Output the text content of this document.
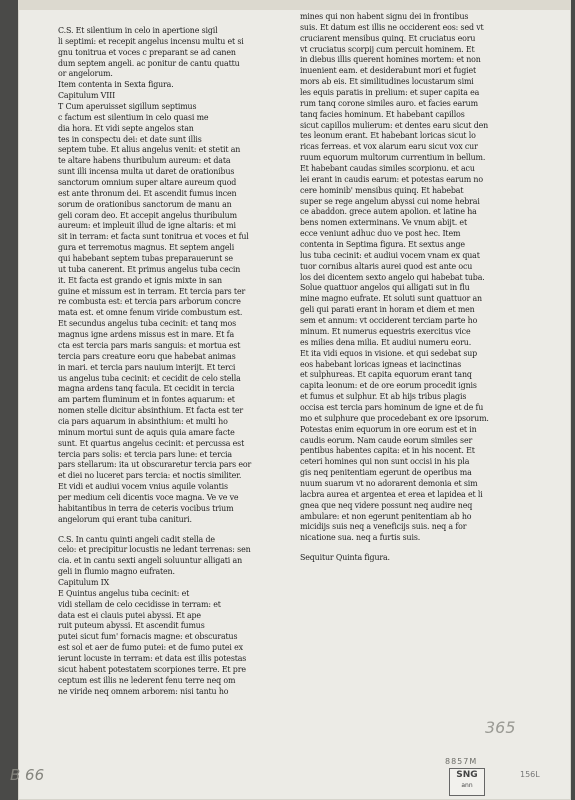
C.S. Et silentium in celo in apertione sigil
li septimi: et recepit angelus incensu multu et si
gnu tonitrua et voces c preparant se ad canen
dum septem angeli. ac ponitur de cantu quattu
or angelorum.
Item contenta in Sexta figura.
Capitulum VIII
T Cum aperuisset sigillum septimus
c factum est silentium in celo quasi me
dia hora. Et vidi septe angelos stan
tes in conspectu dei: et date sunt illis
septem tube. Et alius angelus venit: et stetit an
te altare habens thuribulum aureum: et data
sunt illi incensa multa ut daret de orationibus
sanctorum omnium super altare aureum quod
est ante thronum dei. Et ascendit fumus incen
sorum de orationibus sanctorum de manu an
geli coram deo. Et accepit angelus thuribulum
aureum: et impleuit illud de igne altaris: et mi
sit in terram: et facta sunt tonitrua et voces et ful
gura et terremotus magnus. Et septem angeli
qui habebant septem tubas preparauerunt se
ut tuba canerent. Et primus angelus tuba cecin
it. Et facta est grando et ignis mixte in san
guine et missum est in terram. Et tercia pars ter
re combusta est: et tercia pars arborum concre
mata est. et omne fenum viride combustum est.
Et secundus angelus tuba cecinit: et tanq mos
magnus igne ardens missus est in mare. Et fa
cta est tercia pars maris sanguis: et mortua est
tercia pars creature eoru que habebat animas
in mari. et tercia pars nauium interijt. Et terci
us angelus tuba cecinit: et cecidit de celo stella
magna ardens tanq facula. Et cecidit in tercia
am partem fluminum et in fontes aquarum: et
nomen stelle dicitur absinthium. Et facta est ter
cia pars aquarum in absinthium: et multi ho
minum mortui sunt de aquis quia amare facte
sunt. Et quartus angelus cecinit: et percussa est
tercia pars solis: et tercia pars lune: et tercia
pars stellarum: ita ut obscuraretur tercia pars eor
et diei no luceret pars tercia: et noctis similiter.
Et vidi et audiui vocem vnius aquile volantis
per medium celi dicentis voce magna. Ve ve ve
habitantibus in terra de ceteris vocibus trium
angelorum qui erant tuba canituri.
C.S. In cantu quinti angeli cadit stella de
celo: et precipitur locustis ne ledant terrenas: sen
cia. et in cantu sexti angeli soluuntur alligati an
geli in flumio magno eufraten.
Capitulum IX
E Quintus angelus tuba cecinit: et
vidi stellam de celo cecidisse in terram: et
data est ei clauis putei abyssi. Et ape
ruit puteum abyssi. Et ascendit fumus
putei sicut fum' fornacis magne: et obscuratus
est sol et aer de fumo putei: et de fumo putei ex
ierunt locuste in terram: et data est illis potestas
sicut habent potestatem scorpiones terre. Et pre
ceptum est illis ne lederent fenu terre neq om
ne viride neq omnem arborem: nisi tantu ho
mines qui non habent signu dei in frontibus
suis. Et datum est illis ne occiderent eos: sed vt
cruciarent mensibus quinq. Et cruciatus eoru
vt cruciatus scorpij cum percuit hominem. Et
in diebus illis querent homines mortem: et non
inuenient eam. et desiderabunt mori et fugiet
mors ab eis. Et similitudines locustarum simi
les equis paratis in prelium: et super capita ea
rum tanq corone similes auro. et facies earum
tanq facies hominum. Et habebant capillos
sicut capillos mulierum: et dentes earu sicut den
tes leonum erant. Et habebant loricas sicut lo
ricas ferreas. et vox alarum earu sicut vox cur
ruum equorum multorum currentium in bellum.
Et habebant caudas similes scorpionu. et acu
lei erant in caudis earum: et potestas earum no
cere hominib' mensibus quinq. Et habebat
super se rege angelum abyssi cui nome hebrai
ce abaddon. grece autem apolion. et latine ha
bens nomen exterminans. Ve vnum abijt. et
ecce veniunt adhuc duo ve post hec. Item
contenta in Septima figura. Et sextus ange
lus tuba cecinit: et audiui vocem vnam ex quat
tuor cornibus altaris aurei quod est ante ocu
los dei dicentem sexto angelo qui habebat tuba.
Solue quattuor angelos qui alligati sut in flu
mine magno eufrate. Et soluti sunt quattuor an
geli qui parati erant in horam et diem et men
sem et annum: vt occiderent terciam parte ho
minum. Et numerus equestris exercitus vice
es milies dena milia. Et audiui numeru eoru.
Et ita vidi equos in visione. et qui sedebat sup
eos habebant loricas igneas et iacinctinas
et sulphureas. Et capita equorum erant tanq
capita leonum: et de ore eorum procedit ignis
et fumus et sulphur. Et ab hijs tribus plagis
occisa est tercia pars hominum de igne et de fu
mo et sulphure que procedebant ex ore ipsorum.
Potestas enim equorum in ore eorum est et in
caudis eorum. Nam caude eorum similes ser
pentibus habentes capita: et in his nocent. Et
ceteri homines qui non sunt occisi in his pla
gis neq penitentiam egerunt de operibus ma
nuum suarum vt no adorarent demonia et sim
lacbra aurea et argentea et erea et lapidea et li
gnea que neq videre possunt neq audire neq
ambulare: et non egerunt penitentiam ab ho
micidijs suis neq a veneficijs suis. neq a for
nicatione sua. neq a furtis suis.
Sequitur Quinta figura.
365
B 66
8857M
SNG
ann
156L
